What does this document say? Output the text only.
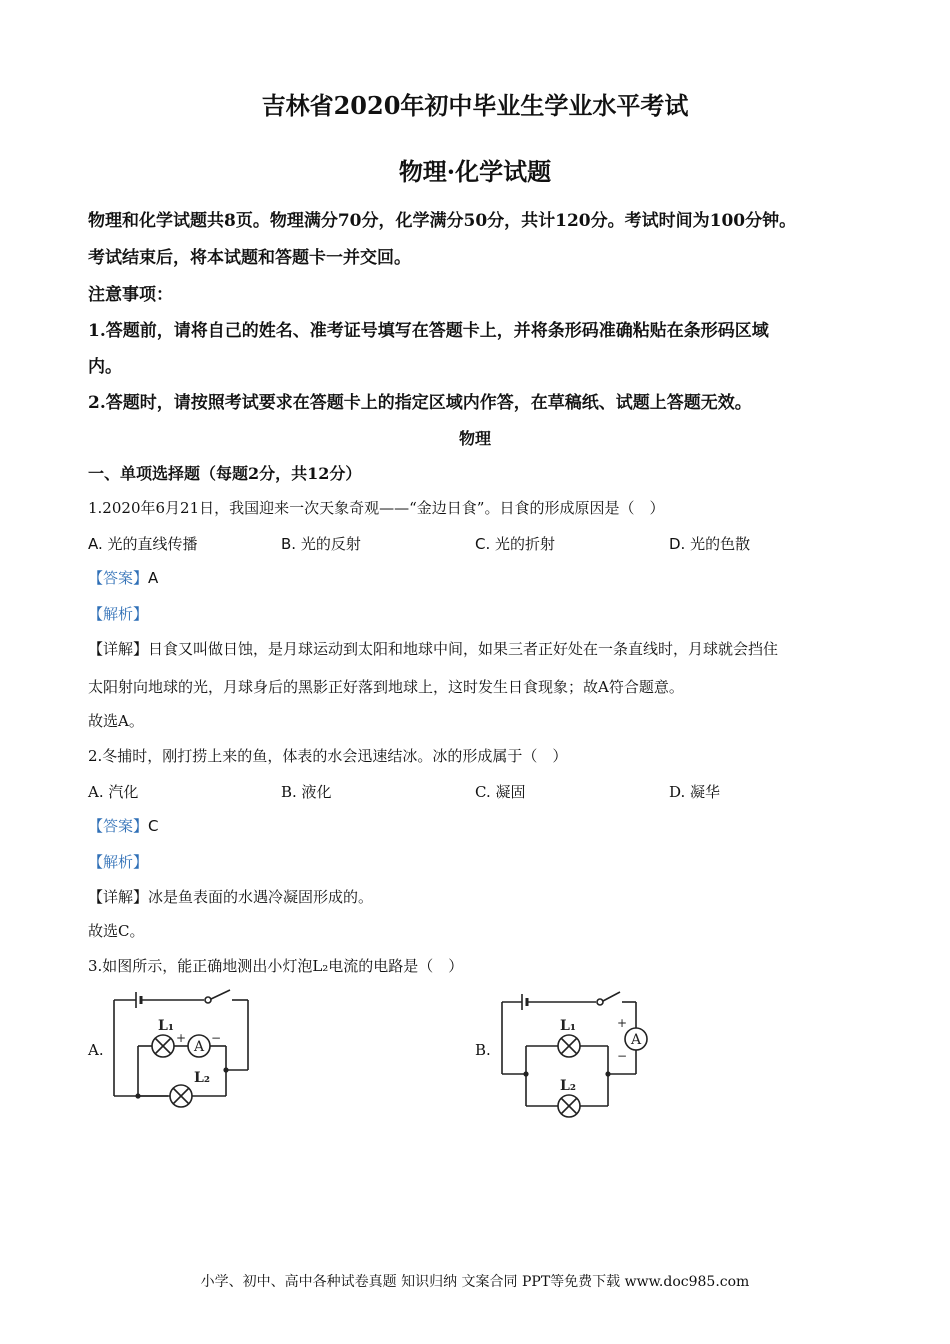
吉林省2020年初中毕业生学业水平考试
物理·化学试题
物理和化学试题共8页。物理满分70分，化学满分50分，共计120分。考试时间为100分钟。
考试结束后，将本试题和答题卡一并交回。
注意事项：
1.答题前，请将自己的姓名、准考证号填写在答题卡上，并将条形码准确粘贴在条形码区域
内。
2.答题时，请按照考试要求在答题卡上的指定区域内作答，在草稿纸、试题上答题无效。
物理
一、单项选择题（每题2分，共12分）
1.2020年6月21日，我国迎来一次天象奇观——“金边日食”。日食的形成原因是（　）
A. 光的直线传播	B. 光的反射	C. 光的折射	D. 光的色散
【答案】A
【解析】
【详解】日食又叫做日蚀，是月球运动到太阳和地球中间，如果三者正好处在一条直线时，月球就会挡住
太阳射向地球的光，月球身后的黑影正好落到地球上，这时发生日食现象；故A符合题意。
故选A。
2.冬捕时，刚打捞上来的鱼，体表的水会迅速结冰。冰的形成属于（　）
A. 汽化	B. 液化	C. 凝固	D. 凝华
【答案】C
【解析】
【详解】冰是鱼表面的水遇冷凝固形成的。
故选C。
3.如图所示，能正确地测出小灯泡L₂电流的电路是（　）
A.	B.
A
+ −
L₁
L₂
A
+
−
L₁
L₂
小学、初中、高中各种试卷真题 知识归纳 文案合同 PPT等免费下载 www.doc985.com
